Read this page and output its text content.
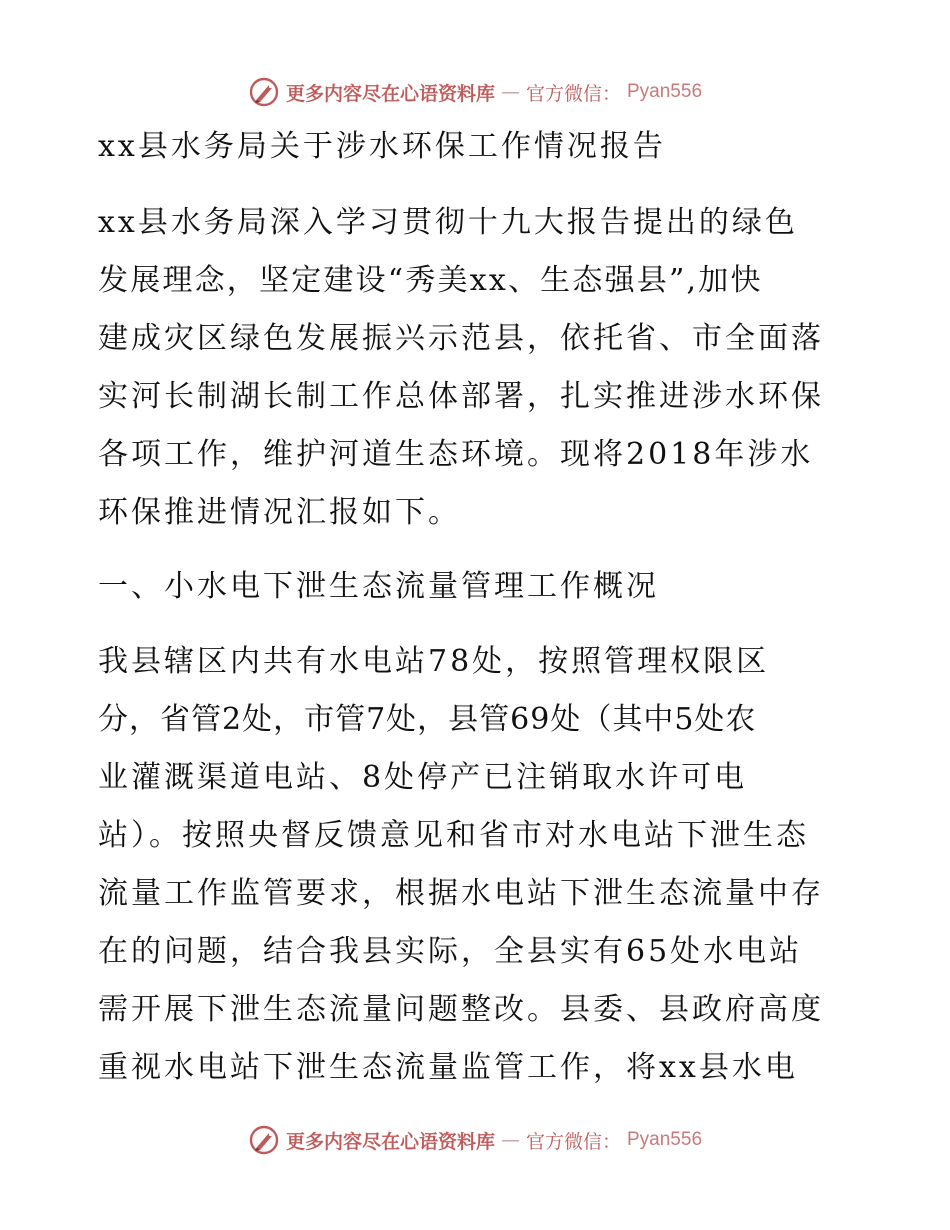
更多内容尽在心语资料库 — 官方微信： Pyan556
xx县水务局关于涉水环保工作情况报告
xx县水务局深入学习贯彻十九大报告提出的绿色
发展理念，坚定建设“秀美xx、生态强县”,加快
建成灾区绿色发展振兴示范县，依托省、市全面落
实河长制湖长制工作总体部署，扎实推进涉水环保
各项工作，维护河道生态环境。现将2018年涉水
环保推进情况汇报如下。
一、小水电下泄生态流量管理工作概况
我县辖区内共有水电站78处，按照管理权限区
分，省管2处，市管7处，县管69处（其中5处农
业灌溉渠道电站、8处停产已注销取水许可电
站）。按照央督反馈意见和省市对水电站下泄生态
流量工作监管要求，根据水电站下泄生态流量中存
在的问题，结合我县实际，全县实有65处水电站
需开展下泄生态流量问题整改。县委、县政府高度
重视水电站下泄生态流量监管工作，将xx县水电
更多内容尽在心语资料库 — 官方微信： Pyan556
